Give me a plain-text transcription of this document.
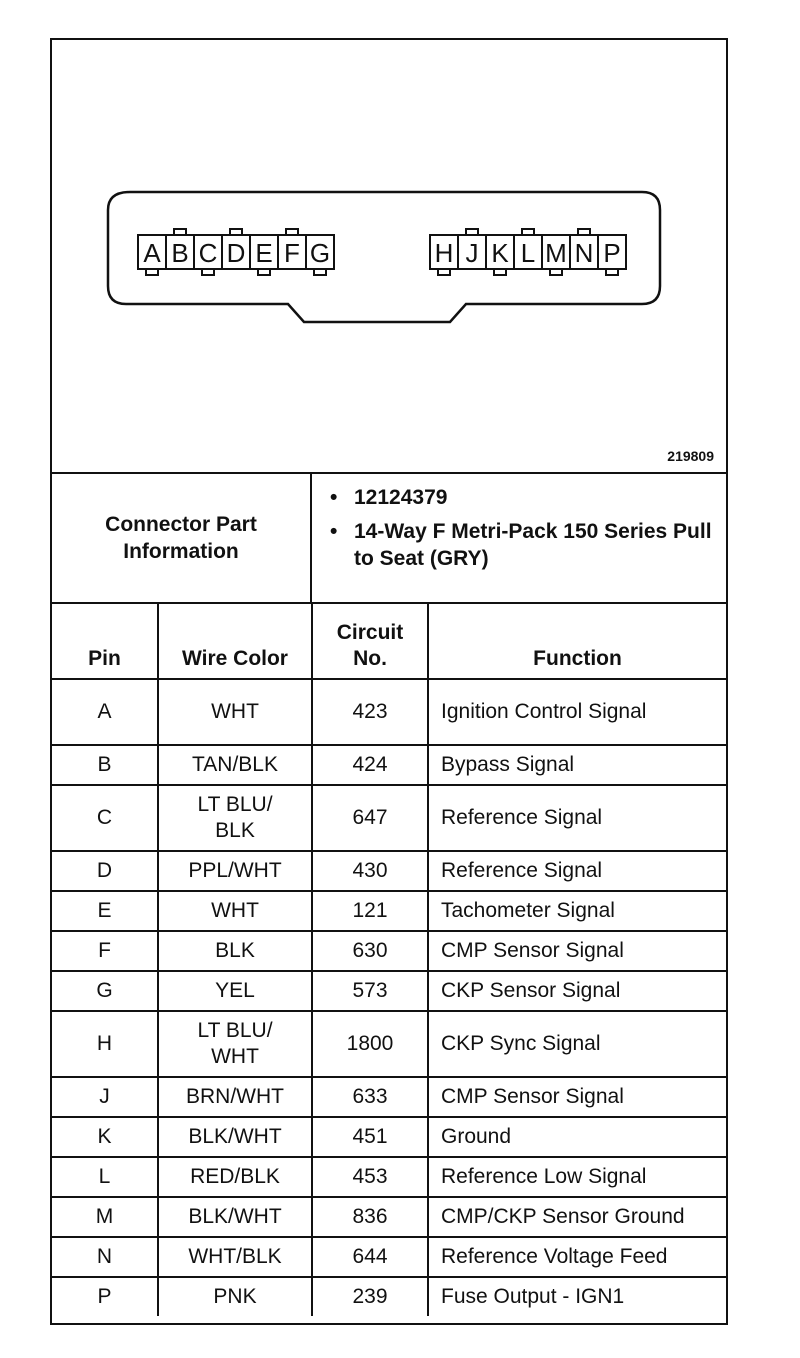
A B C D E F G	H J K L M N P
219809
Connector Part Information
• 12124379
• 14-Way F Metri-Pack 150 Series Pull to Seat (GRY)
Pin	Wire Color	Circuit No.	Function
A	WHT	423	Ignition Control Signal
B	TAN/BLK	424	Bypass Signal
C	LT BLU/
BLK	647	Reference Signal
D	PPL/WHT	430	Reference Signal
E	WHT	121	Tachometer Signal
F	BLK	630	CMP Sensor Signal
G	YEL	573	CKP Sensor Signal
H	LT BLU/
WHT	1800	CKP Sync Signal
J	BRN/WHT	633	CMP Sensor Signal
K	BLK/WHT	451	Ground
L	RED/BLK	453	Reference Low Signal
M	BLK/WHT	836	CMP/CKP Sensor Ground
N	WHT/BLK	644	Reference Voltage Feed
P	PNK	239	Fuse Output - IGN1
